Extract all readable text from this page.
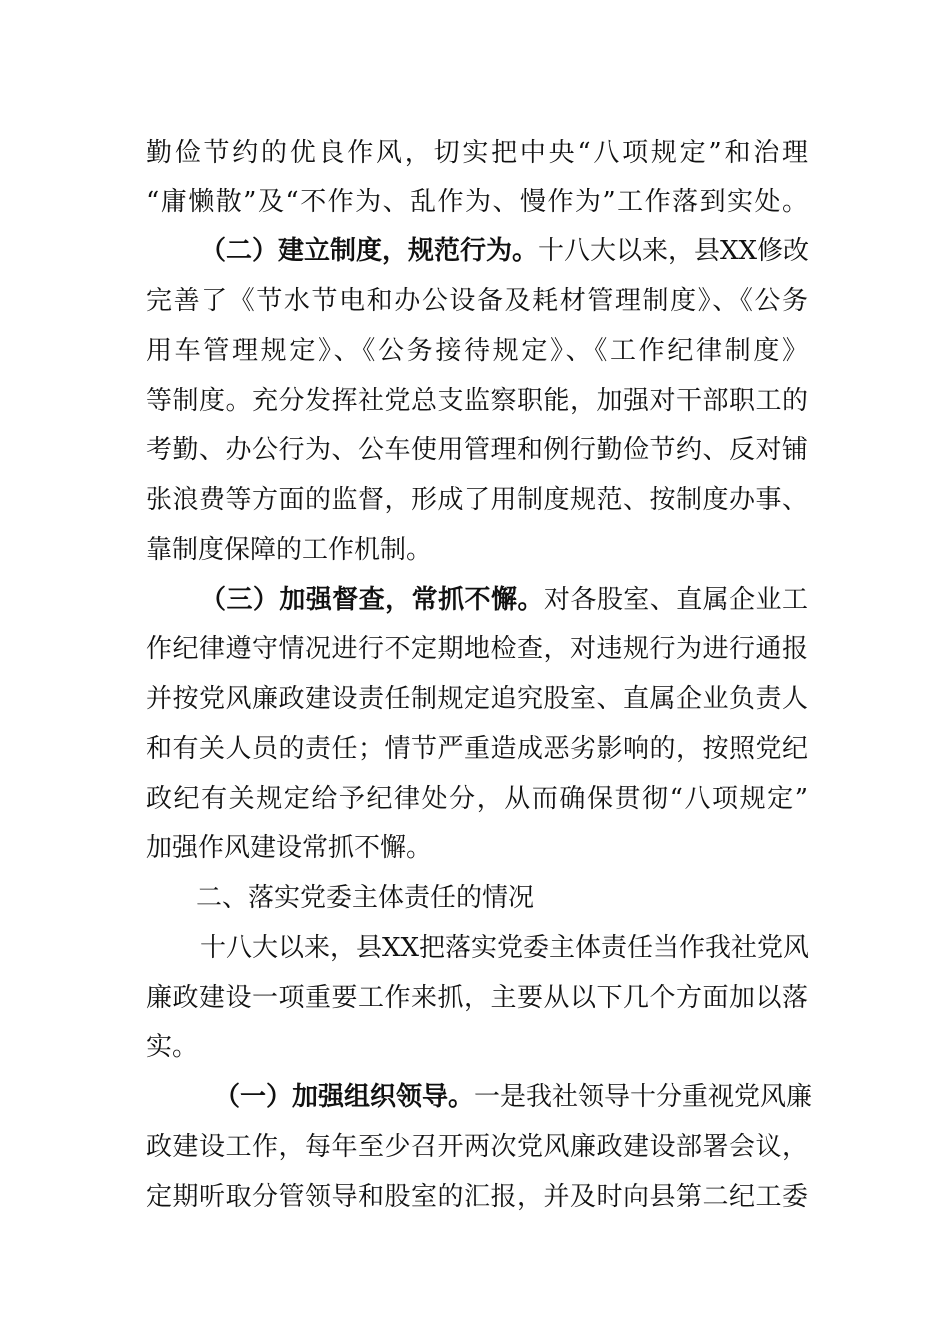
勤俭节约的优良作风，切实把中央“八项规定”和治理
“庸懒散”及“不作为、乱作为、慢作为”工作落到实处。
（二）建立制度，规范行为。十八大以来，县XX修改
完善了《节水节电和办公设备及耗材管理制度》、《公务
用车管理规定》、《公务接待规定》、《工作纪律制度》
等制度。充分发挥社党总支监察职能，加强对干部职工的
考勤、办公行为、公车使用管理和例行勤俭节约、反对铺
张浪费等方面的监督，形成了用制度规范、按制度办事、
靠制度保障的工作机制。
（三）加强督查，常抓不懈。对各股室、直属企业工
作纪律遵守情况进行不定期地检查，对违规行为进行通报
并按党风廉政建设责任制规定追究股室、直属企业负责人
和有关人员的责任；情节严重造成恶劣影响的，按照党纪
政纪有关规定给予纪律处分，从而确保贯彻“八项规定”
加强作风建设常抓不懈。
二、落实党委主体责任的情况
十八大以来，县XX把落实党委主体责任当作我社党风
廉政建设一项重要工作来抓，主要从以下几个方面加以落
实。
（一）加强组织领导。一是我社领导十分重视党风廉
政建设工作，每年至少召开两次党风廉政建设部署会议，
定期听取分管领导和股室的汇报，并及时向县第二纪工委
